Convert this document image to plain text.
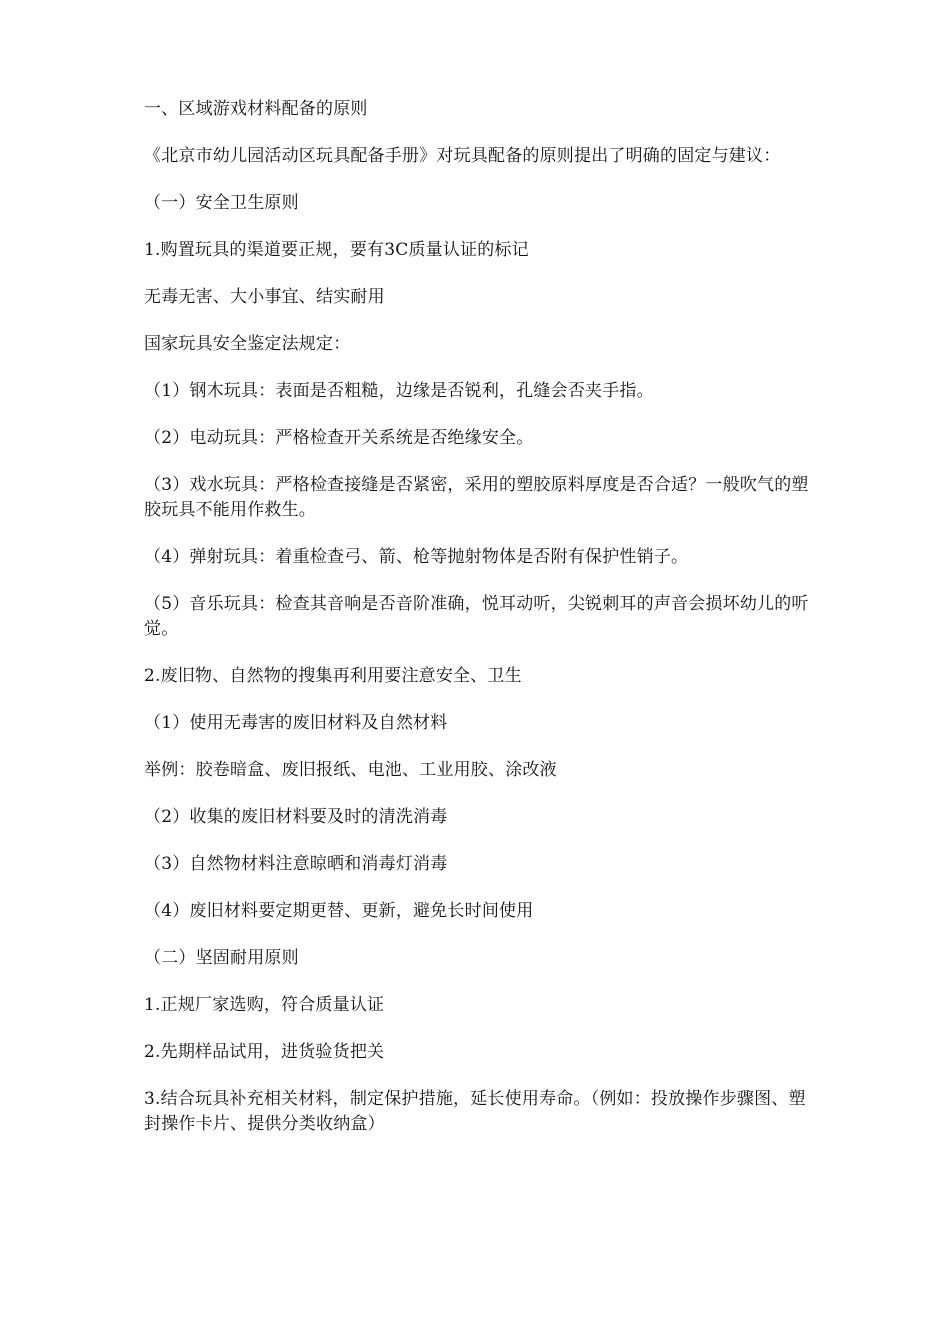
一、区域游戏材料配备的原则

《北京市幼儿园活动区玩具配备手册》对玩具配备的原则提出了明确的固定与建议：

（一）安全卫生原则

1.购置玩具的渠道要正规，要有3C质量认证的标记

无毒无害、大小事宜、结实耐用

国家玩具安全鉴定法规定：

（1）钢木玩具：表面是否粗糙，边缘是否锐利，孔缝会否夹手指。

（2）电动玩具：严格检查开关系统是否绝缘安全。

（3）戏水玩具：严格检查接缝是否紧密，采用的塑胶原料厚度是否合适？一般吹气的塑胶玩具不能用作救生。

（4）弹射玩具：着重检查弓、箭、枪等抛射物体是否附有保护性销子。

（5）音乐玩具：检查其音响是否音阶准确，悦耳动听，尖锐刺耳的声音会损坏幼儿的听觉。

2.废旧物、自然物的搜集再利用要注意安全、卫生

（1）使用无毒害的废旧材料及自然材料

举例：胶卷暗盒、废旧报纸、电池、工业用胶、涂改液

（2）收集的废旧材料要及时的清洗消毒

（3）自然物材料注意晾晒和消毒灯消毒

（4）废旧材料要定期更替、更新，避免长时间使用

（二）坚固耐用原则

1.正规厂家选购，符合质量认证

2.先期样品试用，进货验货把关

3.结合玩具补充相关材料，制定保护措施，延长使用寿命。（例如：投放操作步骤图、塑封操作卡片、提供分类收纳盒）
